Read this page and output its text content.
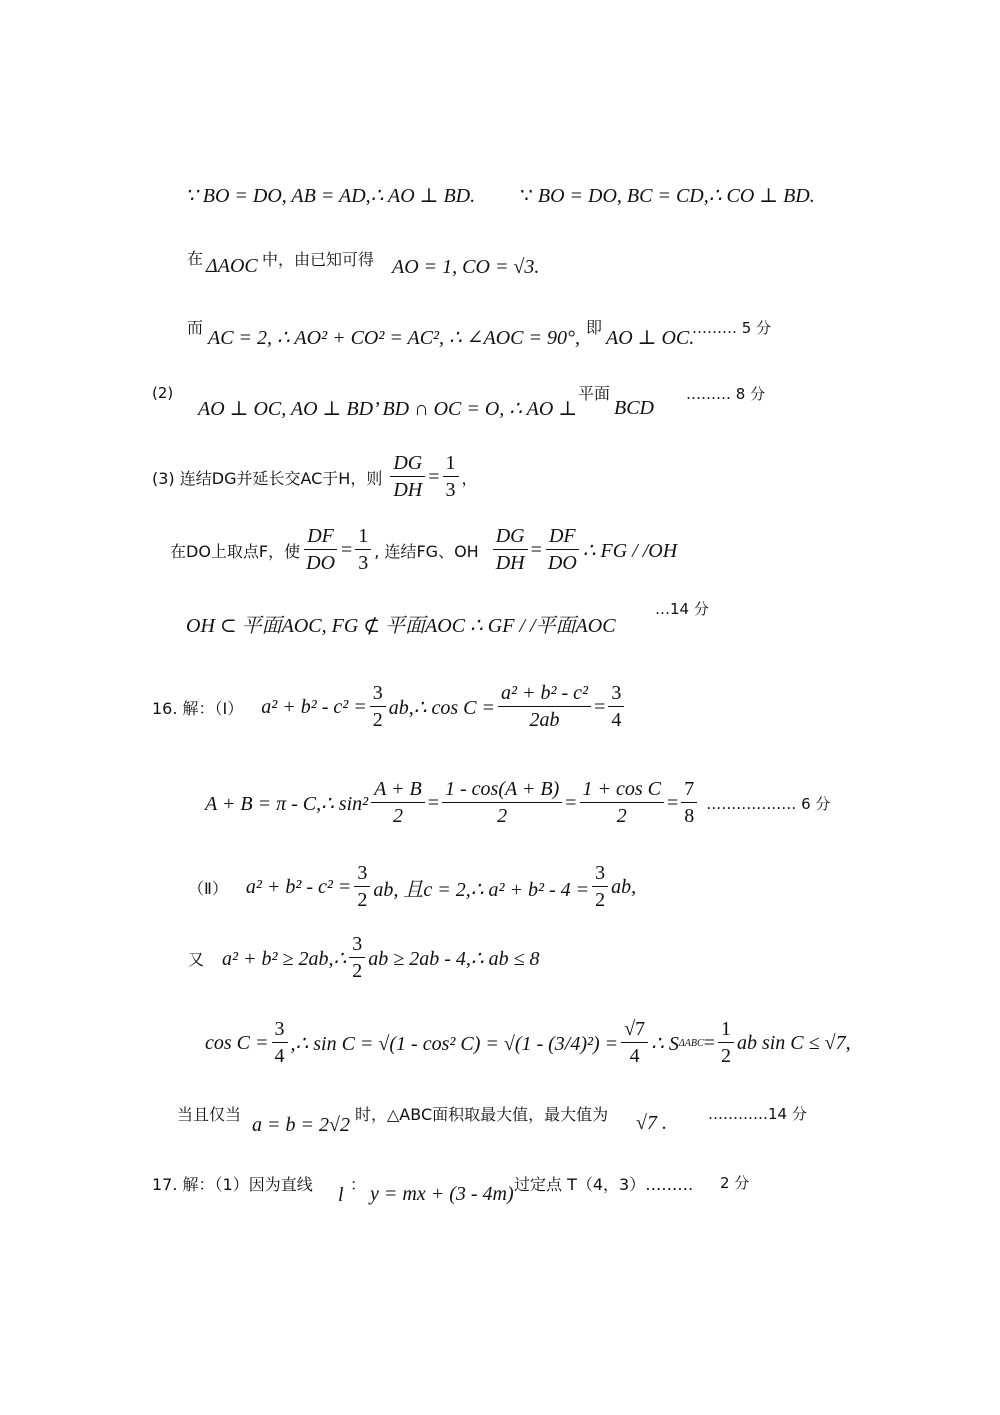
∵ BO = DO, AB = AD,∴ AO ⊥ BD. ∵ BO = DO, BC = CD,∴ CO ⊥ BD.
在 ΔAOC 中，由已知可得 AO = 1, CO = √3.
而 AC = 2, ∴ AO² + CO² = AC², ∴ ∠AOC = 90°, 即 AO ⊥ OC.
……… 5 分
(2)
AO ⊥ OC, AO ⊥ BD’ BD ∩ OC = O, ∴ AO ⊥
平面
BCD
……… 8 分
(3) 连结DG并延长交AC于H，则 $\frac{DG}{DH} = \frac{1}{3}$ ，
在DO上取点F，使 $\frac{DF}{DO} = \frac{1}{3}$ , 连结FG、OH $\frac{DG}{DH} = \frac{DF}{DO}$ ∴ FG / /OH
OH ⊂ 平面AOC, FG ⊄ 平面AOC ∴ GF / /平面AOC
…14 分
16. 解：（Ⅰ） $a^2 + b^2 - c^2 = \frac{3}{2}$ ab,∴ $\cos C = \frac{\text{a² + b² - c²}}{2ab} = \frac{3}{4}$
A + B = π - C,∴ $\sin^2 \frac{A + B}{2} = \frac{1 - \cos(A + B)}{2} = \frac{\text{1 + cos C}}{2} = \frac{7}{8}$ ……………… 6 分
（Ⅱ） $a^2 + b^2 - c^2 = \frac{3}{2}$ ab, 且c = 2,∴ $a^2 + b^2 - 4 = \frac{3}{2}$ ab,
又 a² + b² ≥ 2ab,∴ $\frac{3}{2}$ ab ≥ 2ab - 4,∴ ab ≤ 8
$\cos C = \frac{3}{4}$ ,∴ sin C = √(1 - cos² $C) = √(1 - (3/4)^2) = \frac{√7}{4}$ ∴ S $\Delta ABC = \frac{1}{2}$ ab sin C ≤ √7,
当且仅当 a = b = 2√2 时，△ABC面积取最大值，最大值为 √7 .	…………14 分
17. 解：（1）因为直线 l ： y = mx + (3 - 4m) 过定点 T（4，3）……… 2 分
